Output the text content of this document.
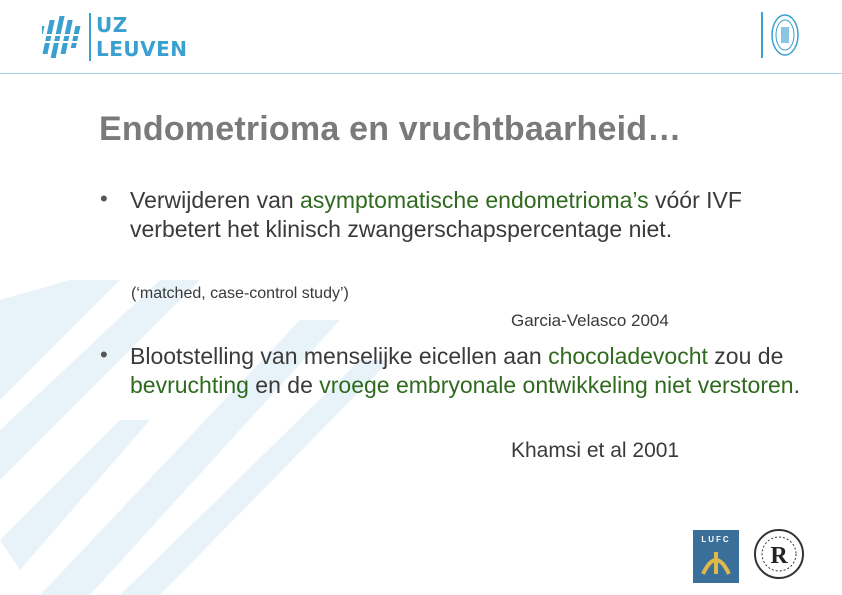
UZ
LEUVEN
Endometrioma en vruchtbaarheid…
• Verwijderen van asymptomatische endometrioma’s vóór IVF verbetert het klinisch zwangerschapspercentage niet.
(‘matched, case-control study’)
Garcia-Velasco 2004
• Blootstelling van menselijke eicellen aan chocoladevocht zou de bevruchting en de vroege embryonale ontwikkeling niet verstoren.
Khamsi et al 2001
LUFC
R
